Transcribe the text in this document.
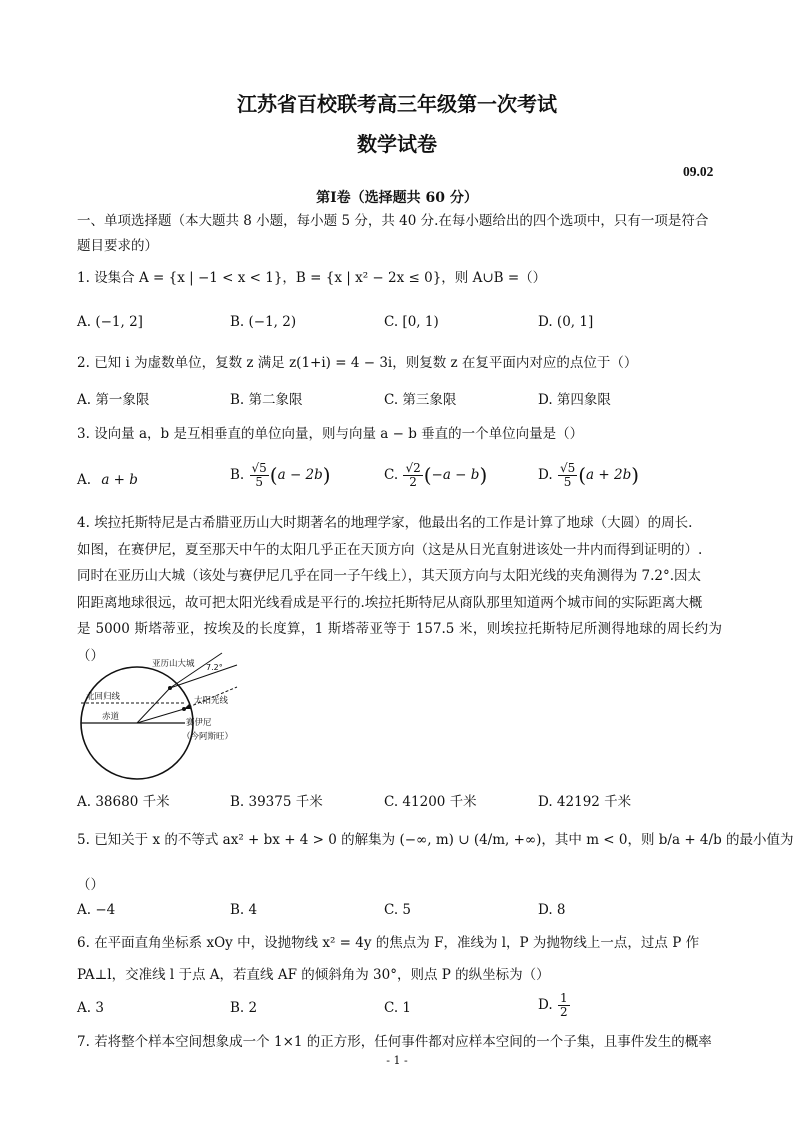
江苏省百校联考高三年级第一次考试
数学试卷
09.02
第Ⅰ卷（选择题共 60 分）
一、单项选择题（本大题共 8 小题，每小题 5 分，共 40 分.在每小题给出的四个选项中，只有一项是符合
题目要求的）
1. 设集合 A = {x | −1 < x < 1}，B = {x | x² − 2x ≤ 0}，则 A∪B =（）
A. (−1, 2]	B. (−1, 2)	C. [0, 1)	D. (0, 1]
2. 已知 i 为虚数单位，复数 z 满足 z(1+i) = 4 − 3i，则复数 z 在复平面内对应的点位于（）
A. 第一象限	B. 第二象限	C. 第三象限	D. 第四象限
3. 设向量 a，b 是互相垂直的单位向量，则与向量 a − b 垂直的一个单位向量是（）
A. a + b	B. $\frac{√5}{5} (a - 2b)$	C. $\frac{√2}{2} (-a - b)$	D. $\frac{√5}{5} (a + 2b)$
4. 埃拉托斯特尼是古希腊亚历山大时期著名的地理学家，他最出名的工作是计算了地球（大圆）的周长.
如图，在赛伊尼，夏至那天中午的太阳几乎正在天顶方向（这是从日光直射进该处一井内而得到证明的）.
同时在亚历山大城（该处与赛伊尼几乎在同一子午线上），其天顶方向与太阳光线的夹角测得为 7.2°.因太
阳距离地球很远，故可把太阳光线看成是平行的.埃拉托斯特尼从商队那里知道两个城市间的实际距离大概
是 5000 斯塔蒂亚，按埃及的长度算，1 斯塔蒂亚等于 157.5 米，则埃拉托斯特尼所测得地球的周长约为（）
亚历山大城 7.2°
北回归线	太阳光线
赤道
赛伊尼
（今阿斯旺）
A. 38680 千米	B. 39375 千米	C. 41200 千米	D. 42192 千米
5. 已知关于 x 的不等式 ax² + bx + 4 > 0 的解集为 (−∞, m) ∪ (4/m, +∞)，其中 m < 0，则 b/a + 4/b 的最小值为
（）
A. −4	B. 4	C. 5	D. 8
6. 在平面直角坐标系 xOy 中，设抛物线 x² = 4y 的焦点为 F，准线为 l，P 为抛物线上一点，过点 P 作
PA⊥l，交准线 l 于点 A，若直线 AF 的倾斜角为 30°，则点 P 的纵坐标为（）
A. 3	B. 2	C. 1	D. $\frac{1}{2}$
7. 若将整个样本空间想象成一个 1×1 的正方形，任何事件都对应样本空间的一个子集，且事件发生的概率
- 1 -
